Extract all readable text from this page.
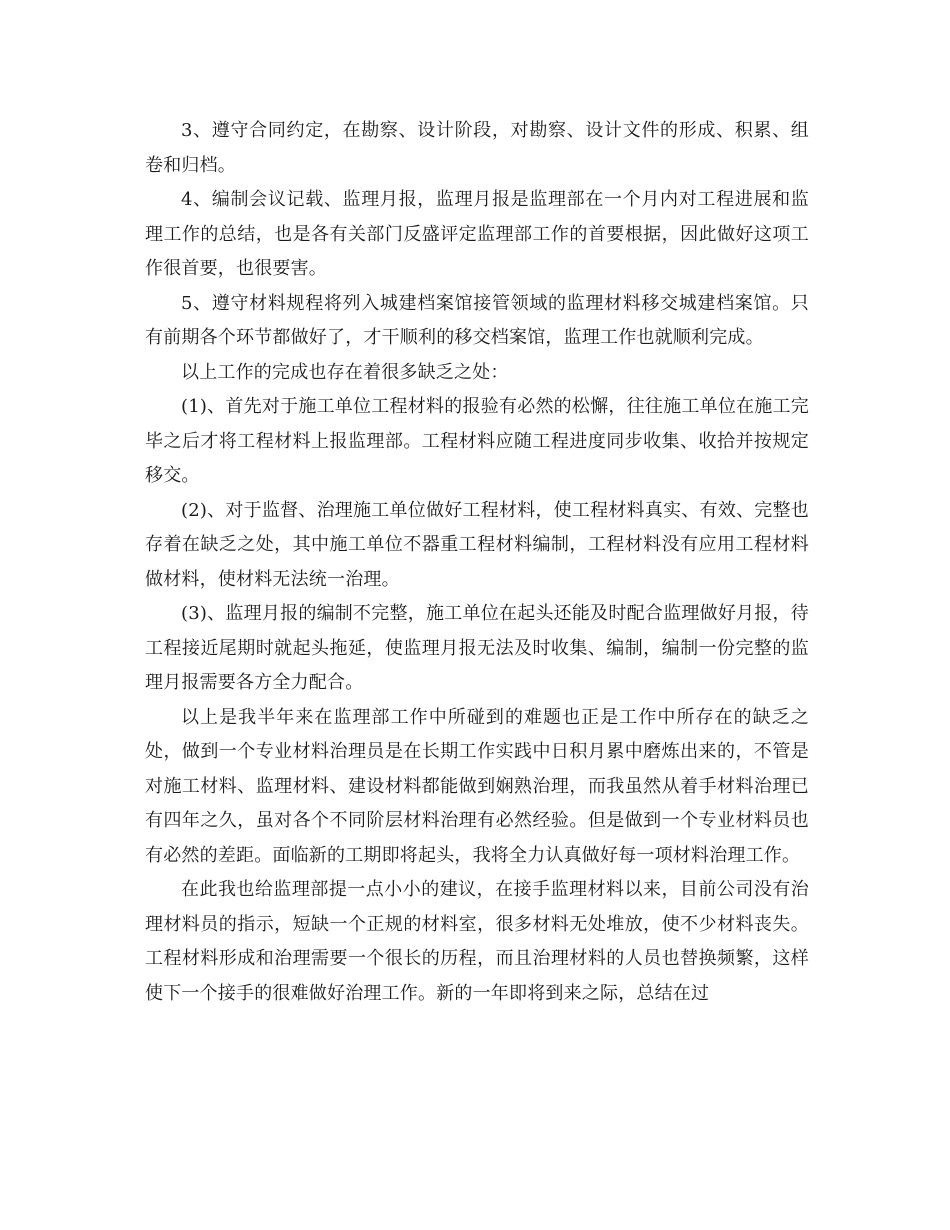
3、遵守合同约定，在勘察、设计阶段，对勘察、设计文件的形成、积累、组卷和归档。

4、编制会议记载、监理月报，监理月报是监理部在一个月内对工程进展和监理工作的总结，也是各有关部门反盛评定监理部工作的首要根据，因此做好这项工作很首要，也很要害。

5、遵守材料规程将列入城建档案馆接管领域的监理材料移交城建档案馆。只有前期各个环节都做好了，才干顺利的移交档案馆，监理工作也就顺利完成。

以上工作的完成也存在着很多缺乏之处：

(1)、首先对于施工单位工程材料的报验有必然的松懈，往往施工单位在施工完毕之后才将工程材料上报监理部。工程材料应随工程进度同步收集、收拾并按规定移交。

(2)、对于监督、治理施工单位做好工程材料，使工程材料真实、有效、完整也存着在缺乏之处，其中施工单位不器重工程材料编制，工程材料没有应用工程材料做材料，使材料无法统一治理。

(3)、监理月报的编制不完整，施工单位在起头还能及时配合监理做好月报，待工程接近尾期时就起头拖延，使监理月报无法及时收集、编制，编制一份完整的监理月报需要各方全力配合。

以上是我半年来在监理部工作中所碰到的难题也正是工作中所存在的缺乏之处，做到一个专业材料治理员是在长期工作实践中日积月累中磨炼出来的，不管是对施工材料、监理材料、建设材料都能做到娴熟治理，而我虽然从着手材料治理已有四年之久，虽对各个不同阶层材料治理有必然经验。但是做到一个专业材料员也有必然的差距。面临新的工期即将起头，我将全力认真做好每一项材料治理工作。

在此我也给监理部提一点小小的建议，在接手监理材料以来，目前公司没有治理材料员的指示，短缺一个正规的材料室，很多材料无处堆放，使不少材料丧失。工程材料形成和治理需要一个很长的历程，而且治理材料的人员也替换频繁，这样使下一个接手的很难做好治理工作。新的一年即将到来之际，总结在过
